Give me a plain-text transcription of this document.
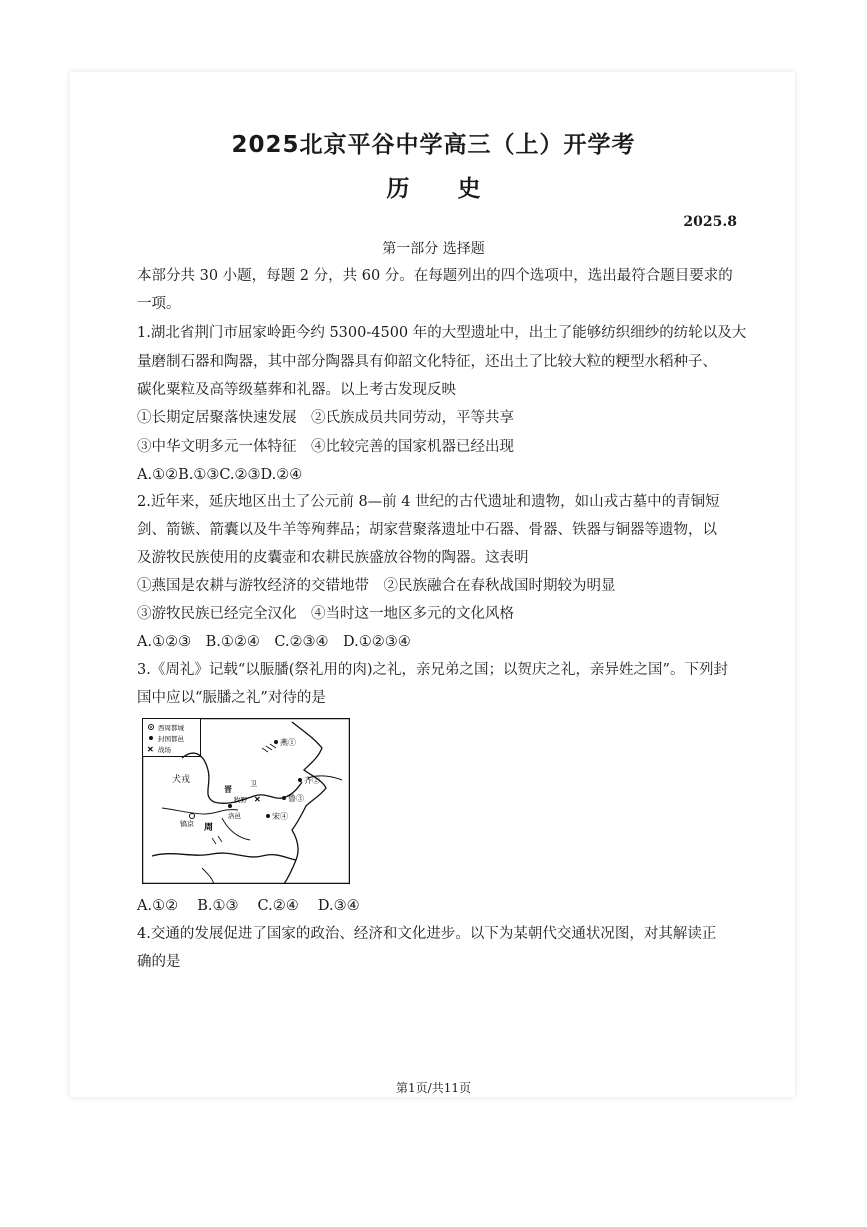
2025北京平谷中学高三（上）开学考
历 史
2025.8
第一部分 选择题
本部分共 30 小题，每题 2 分，共 60 分。在每题列出的四个选项中，选出最符合题目要求的
一项。
1.湖北省荆门市屈家岭距今约 5300-4500 年的大型遗址中，出土了能够纺织细纱的纺轮以及大
量磨制石器和陶器，其中部分陶器具有仰韶文化特征，还出土了比较大粒的粳型水稻种子、
碳化粟粒及高等级墓葬和礼器。以上考古发现反映
①长期定居聚落快速发展　②氏族成员共同劳动，平等共享
③中华文明多元一体特征　④比较完善的国家机器已经出现
A.①②B.①③C.②③D.②④
2.近年来，延庆地区出土了公元前 8—前 4 世纪的古代遗址和遗物，如山戎古墓中的青铜短
剑、箭镞、箭囊以及牛羊等殉葬品；胡家营聚落遗址中石器、骨器、铁器与铜器等遗物，以
及游牧民族使用的皮囊壶和农耕民族盛放谷物的陶器。这表明
①燕国是农耕与游牧经济的交错地带　②民族融合在春秋战国时期较为明显
③游牧民族已经完全汉化　④当时这一地区多元的文化风格
A.①②③　B.①②④　C.②③④　D.①②③④
3.《周礼》记载“以脤膰(祭礼用的肉)之礼，亲兄弟之国；以贺庆之礼，亲异姓之国”。下列封
国中应以“脤膰之礼”对待的是
西周都城
封国都邑
✕ 战场
犬戎
周
镐京
洛邑
晋	卫
牧野 ✕
燕①
齐②
鲁③
宋④
A.①②　 B.①③　 C.②④　 D.③④
4.交通的发展促进了国家的政治、经济和文化进步。以下为某朝代交通状况图，对其解读正
确的是
第1页/共11页
